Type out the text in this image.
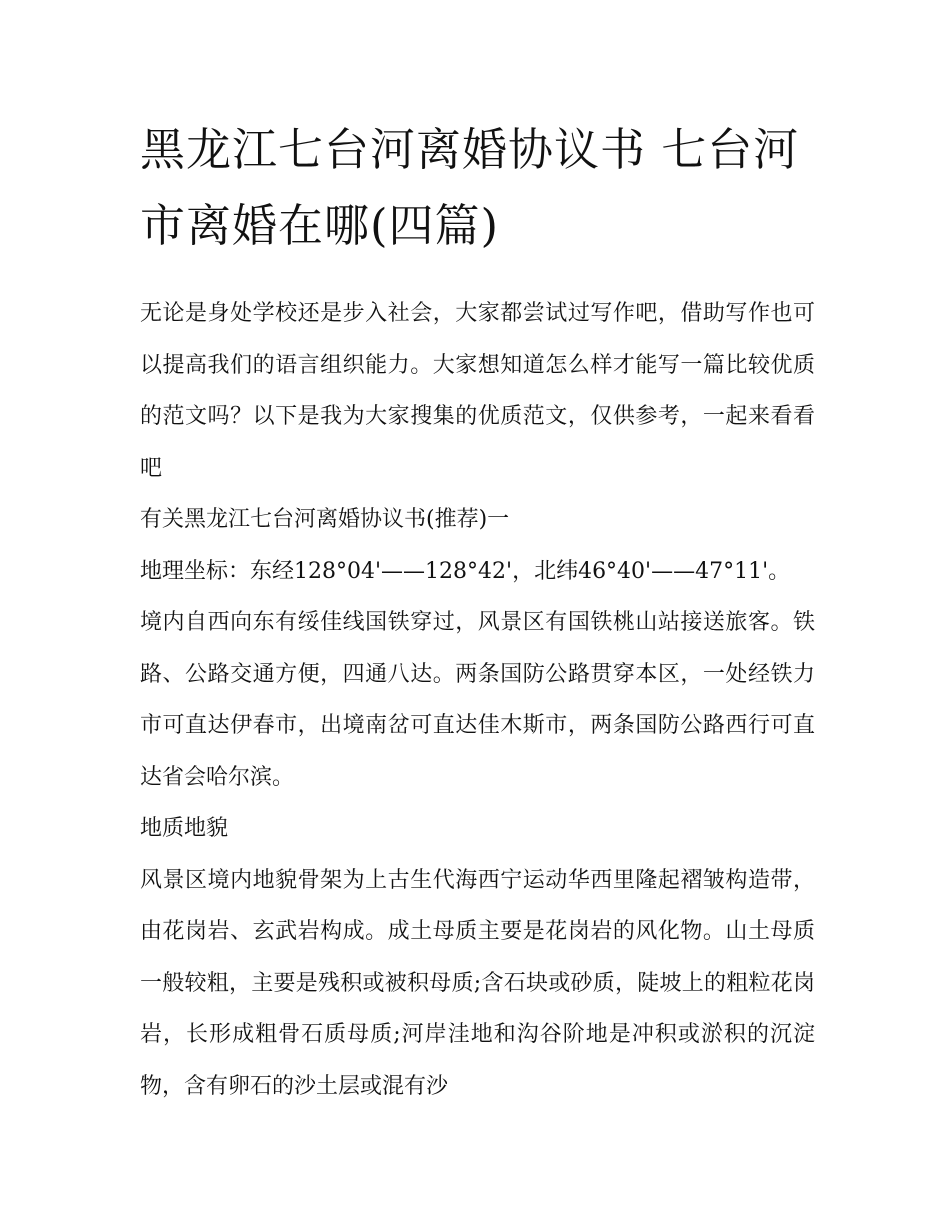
黑龙江七台河离婚协议书 七台河市离婚在哪(四篇)

无论是身处学校还是步入社会，大家都尝试过写作吧，借助写作也可以提高我们的语言组织能力。大家想知道怎么样才能写一篇比较优质的范文吗？以下是我为大家搜集的优质范文，仅供参考，一起来看看吧

有关黑龙江七台河离婚协议书(推荐)一

地理坐标：东经128°04'——128°42'，北纬46°40'——47°11'。

境内自西向东有绥佳线国铁穿过，风景区有国铁桃山站接送旅客。铁路、公路交通方便，四通八达。两条国防公路贯穿本区，一处经铁力市可直达伊春市，出境南岔可直达佳木斯市，两条国防公路西行可直达省会哈尔滨。

地质地貌

风景区境内地貌骨架为上古生代海西宁运动华西里隆起褶皱构造带，由花岗岩、玄武岩构成。成土母质主要是花岗岩的风化物。山土母质一般较粗，主要是残积或被积母质;含石块或砂质，陡坡上的粗粒花岗岩，长形成粗骨石质母质;河岸洼地和沟谷阶地是冲积或淤积的沉淀物，含有卵石的沙土层或混有沙
